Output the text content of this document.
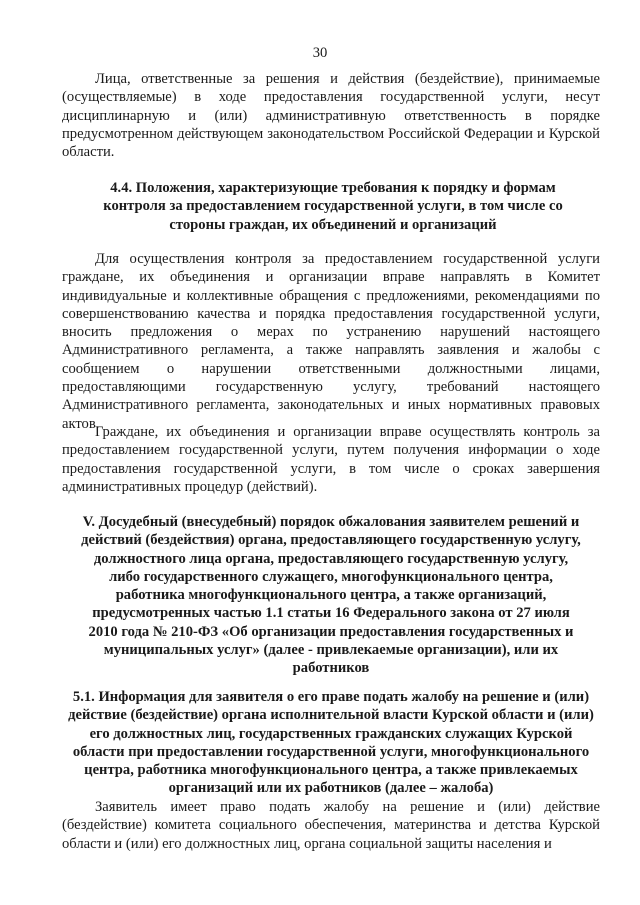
30

Лица, ответственные за решения и действия (бездействие), принимаемые (осуществляемые) в ходе предоставления государственной услуги, несут дисциплинарную и (или) административную ответственность в порядке предусмотренном действующем законодательством Российской Федерации и Курской области.

4.4. Положения, характеризующие требования к порядку и формам контроля за предоставлением государственной услуги, в том числе со стороны граждан, их объединений и организаций

Для осуществления контроля за предоставлением государственной услуги граждане, их объединения и организации вправе направлять в Комитет индивидуальные и коллективные обращения с предложениями, рекомендациями по совершенствованию качества и порядка предоставления государственной услуги, вносить предложения о мерах по устранению нарушений настоящего Административного регламента, а также направлять заявления и жалобы с сообщением о нарушении ответственными должностными лицами, предоставляющими государственную услугу, требований настоящего Административного регламента, законодательных и иных нормативных правовых актов.

Граждане, их объединения и организации вправе осуществлять контроль за предоставлением государственной услуги, путем получения информации о ходе предоставления государственной услуги, в том числе о сроках завершения административных процедур (действий).

V. Досудебный (внесудебный) порядок обжалования заявителем решений и действий (бездействия) органа, предоставляющего государственную услугу, должностного лица органа, предоставляющего государственную услугу, либо государственного служащего, многофункционального центра, работника многофункционального центра, а также организаций, предусмотренных частью 1.1 статьи 16 Федерального закона от 27 июля 2010 года № 210-ФЗ «Об организации предоставления государственных и муниципальных услуг» (далее - привлекаемые организации), или их работников

5.1. Информация для заявителя о его праве подать жалобу на решение и (или) действие (бездействие) органа исполнительной власти Курской области и (или) его должностных лиц, государственных гражданских служащих Курской области при предоставлении государственной услуги, многофункционального центра, работника многофункционального центра, а также привлекаемых организаций или их работников (далее – жалоба)

Заявитель имеет право подать жалобу на решение и (или) действие (бездействие) комитета социального обеспечения, материнства и детства Курской области и (или) его должностных лиц, органа социальной защиты населения и
